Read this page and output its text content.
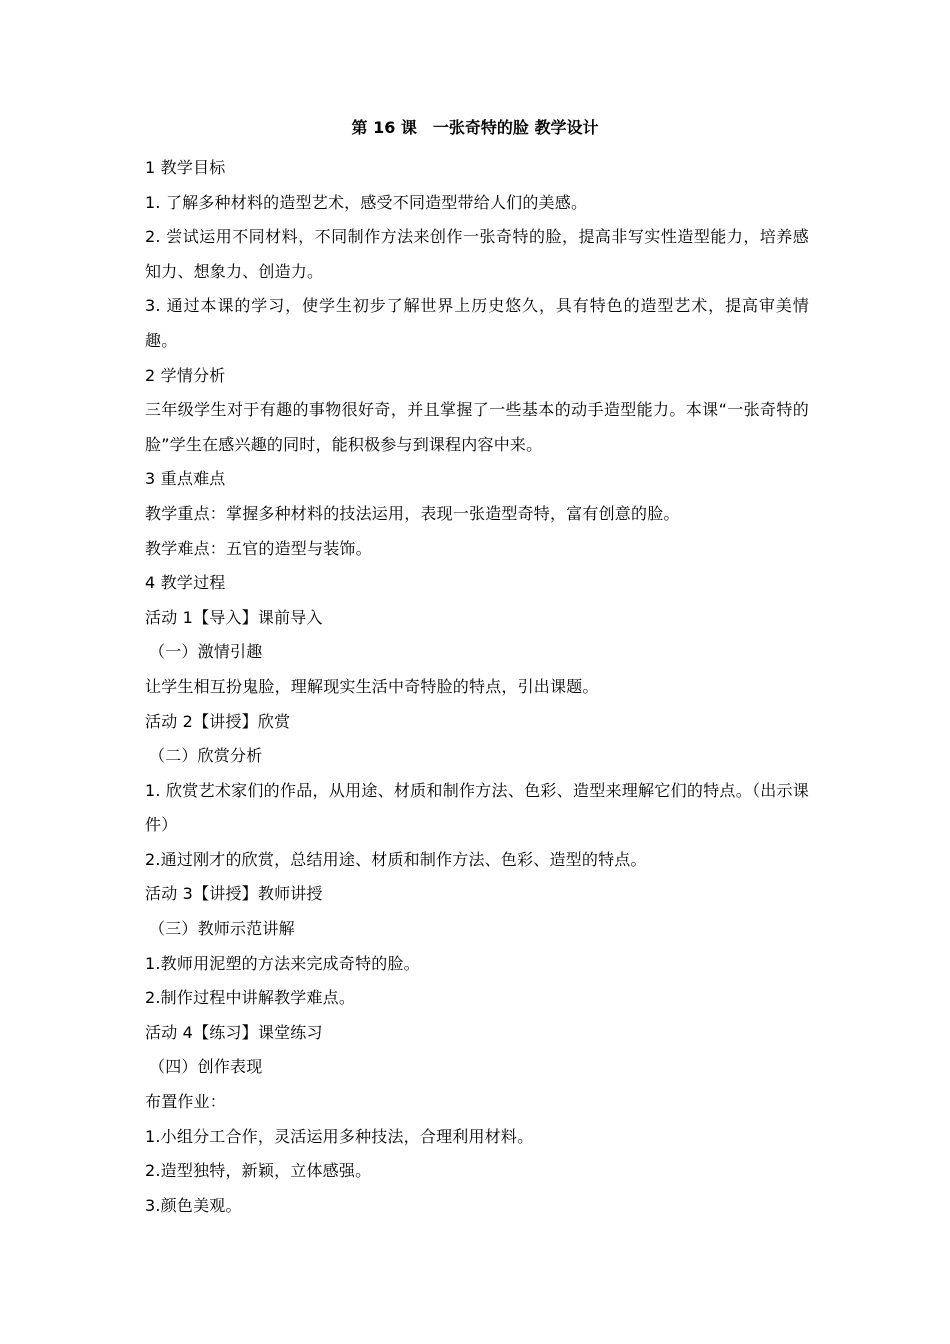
第 16 课　一张奇特的脸 教学设计

1 教学目标

1. 了解多种材料的造型艺术，感受不同造型带给人们的美感。

2. 尝试运用不同材料，不同制作方法来创作一张奇特的脸，提高非写实性造型能力，培养感知力、想象力、创造力。

3. 通过本课的学习，使学生初步了解世界上历史悠久，具有特色的造型艺术，提高审美情趣。

2 学情分析

三年级学生对于有趣的事物很好奇，并且掌握了一些基本的动手造型能力。本课“一张奇特的脸”学生在感兴趣的同时，能积极参与到课程内容中来。

3 重点难点

教学重点：掌握多种材料的技法运用，表现一张造型奇特，富有创意的脸。

教学难点：五官的造型与装饰。

4 教学过程

活动 1【导入】课前导入

（一）激情引趣

让学生相互扮鬼脸，理解现实生活中奇特脸的特点，引出课题。

活动 2【讲授】欣赏

（二）欣赏分析

1. 欣赏艺术家们的作品，从用途、材质和制作方法、色彩、造型来理解它们的特点。（出示课件）

2.通过刚才的欣赏，总结用途、材质和制作方法、色彩、造型的特点。

活动 3【讲授】教师讲授

（三）教师示范讲解

1.教师用泥塑的方法来完成奇特的脸。

2.制作过程中讲解教学难点。

活动 4【练习】课堂练习

（四）创作表现

布置作业：

1.小组分工合作，灵活运用多种技法，合理利用材料。

2.造型独特，新颖，立体感强。

3.颜色美观。
